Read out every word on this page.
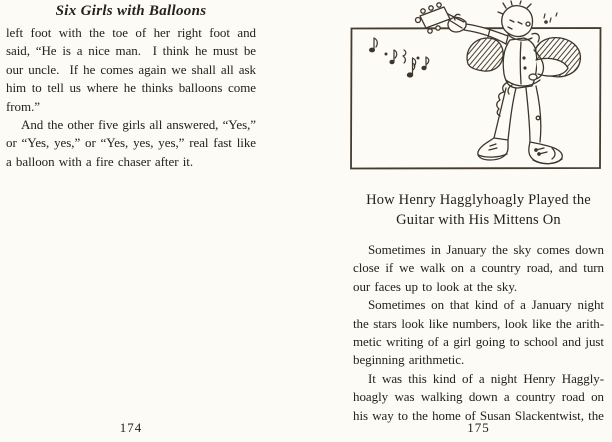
Six Girls with Balloons
left foot with the toe of her right foot and
said, “He is a nice man.  I think he must be
our uncle.  If he comes again we shall all ask
him to tell us where he thinks balloons come
from.”
And the other five girls all answered, “Yes,”
or “Yes, yes,” or “Yes, yes, yes,” real fast like
a balloon with a fire chaser after it.
174
How Henry Hagglyhoagly Played the
Guitar with His Mittens On
Sometimes in January the sky comes down
close if we walk on a country road, and turn
our faces up to look at the sky.
Sometimes on that kind of a January night
the stars look like numbers, look like the arith-
metic writing of a girl going to school and just
beginning arithmetic.
It was this kind of a night Henry Haggly-
hoagly was walking down a country road on
his way to the home of Susan Slackentwist, the
175
